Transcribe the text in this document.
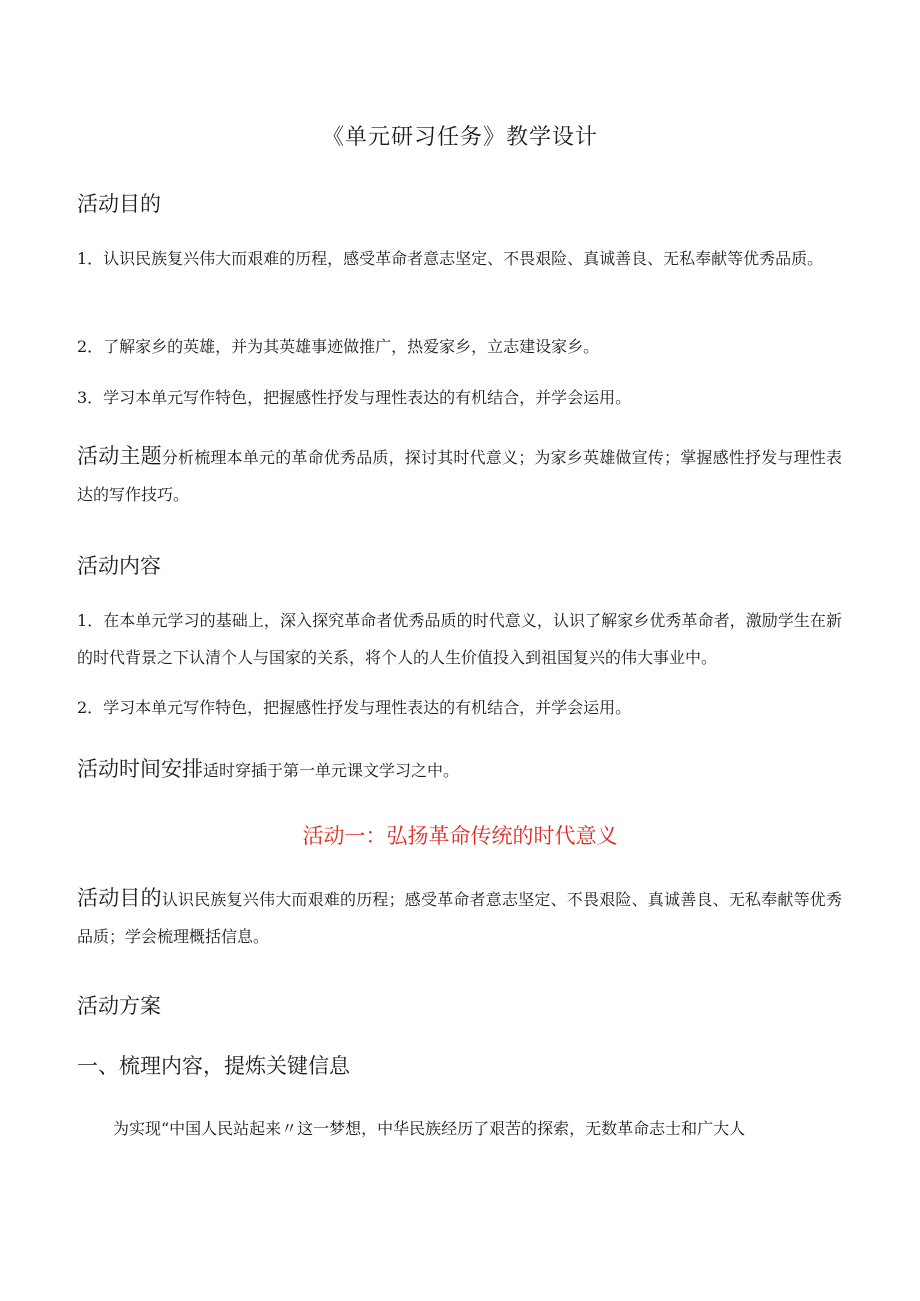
《单元研习任务》教学设计
活动目的
1．认识民族复兴伟大而艰难的历程，感受革命者意志坚定、不畏艰险、真诚善良、无私奉献等优秀品质。
2．了解家乡的英雄，并为其英雄事迹做推广，热爱家乡，立志建设家乡。
3．学习本单元写作特色，把握感性抒发与理性表达的有机结合，并学会运用。
活动主题分析梳理本单元的革命优秀品质，探讨其时代意义；为家乡英雄做宣传；掌握感性抒发与理性表达的写作技巧。
活动内容
1．在本单元学习的基础上，深入探究革命者优秀品质的时代意义，认识了解家乡优秀革命者，激励学生在新的时代背景之下认清个人与国家的关系，将个人的人生价值投入到祖国复兴的伟大事业中。
2．学习本单元写作特色，把握感性抒发与理性表达的有机结合，并学会运用。
活动时间安排适时穿插于第一单元课文学习之中。
活动一：弘扬革命传统的时代意义
活动目的认识民族复兴伟大而艰难的历程；感受革命者意志坚定、不畏艰险、真诚善良、无私奉献等优秀品质；学会梳理概括信息。
活动方案
一、梳理内容，提炼关键信息
为实现“中国人民站起来〃这一梦想，中华民族经历了艰苦的探索，无数革命志士和广大人
